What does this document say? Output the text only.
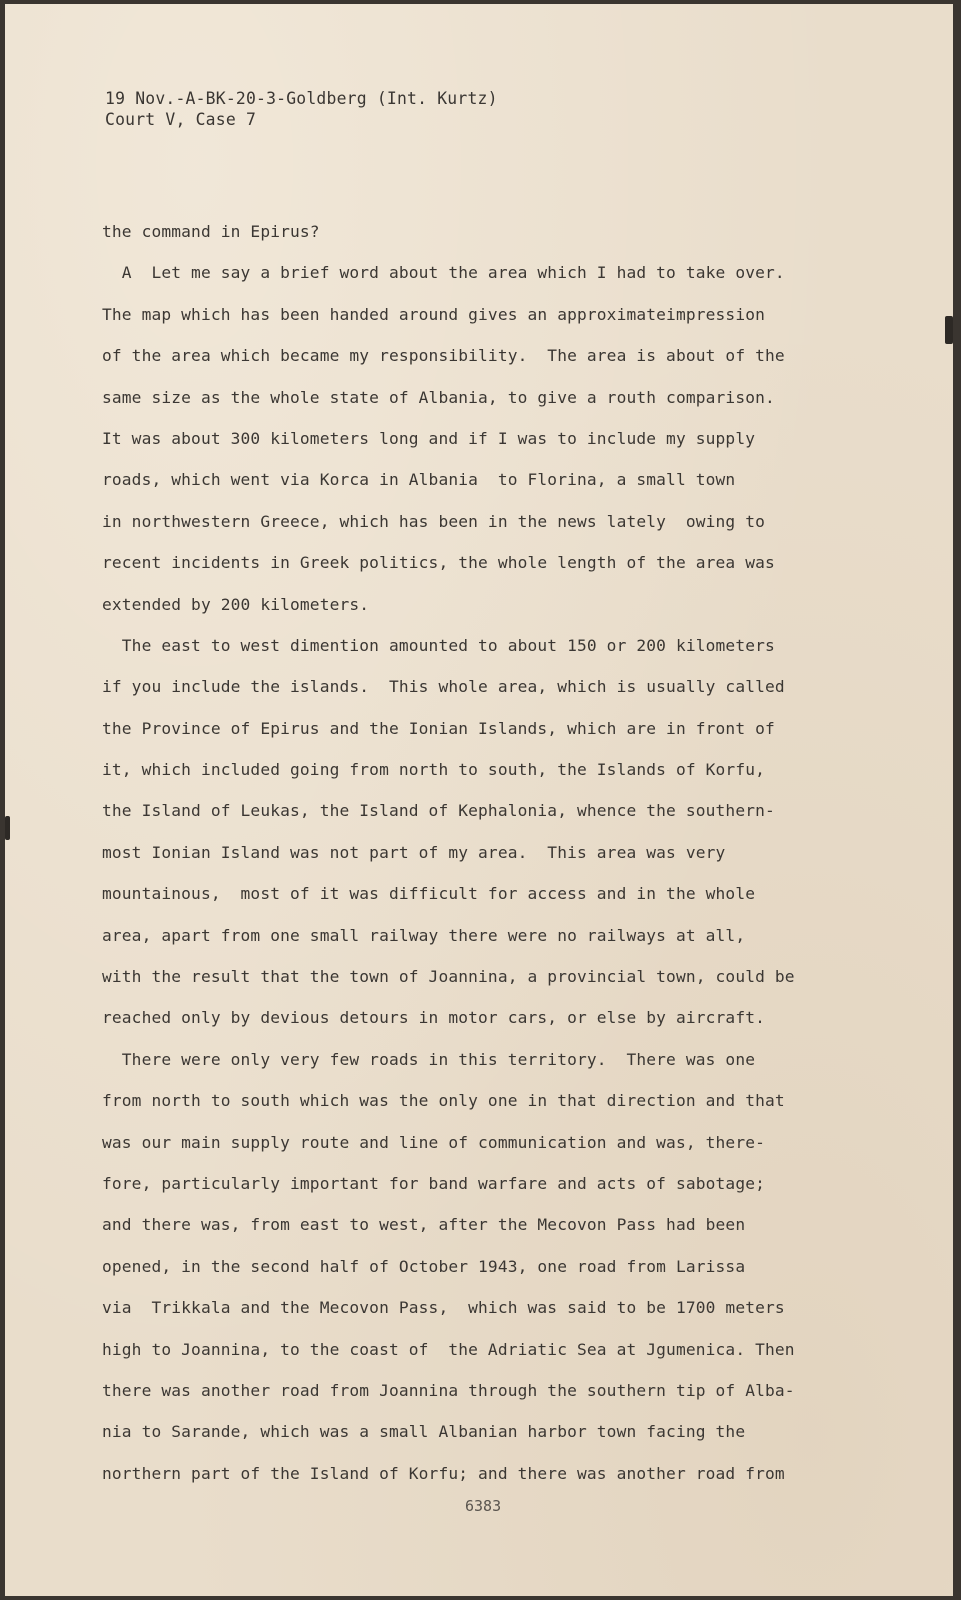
19 Nov.-A-BK-20-3-Goldberg (Int. Kurtz)
Court V, Case 7
the command in Epirus?
A  Let me say a brief word about the area which I had to take over.
The map which has been handed around gives an approximateimpression
of the area which became my responsibility.  The area is about of the
same size as the whole state of Albania, to give a routh comparison.
It was about 300 kilometers long and if I was to include my supply
roads, which went via Korca in Albania  to Florina, a small town
in northwestern Greece, which has been in the news lately  owing to
recent incidents in Greek politics, the whole length of the area was
extended by 200 kilometers.
The east to west dimention amounted to about 150 or 200 kilometers
if you include the islands.  This whole area, which is usually called
the Province of Epirus and the Ionian Islands, which are in front of
it, which included going from north to south, the Islands of Korfu,
the Island of Leukas, the Island of Kephalonia, whence the southern-
most Ionian Island was not part of my area.  This area was very
mountainous,  most of it was difficult for access and in the whole
area, apart from one small railway there were no railways at all,
with the result that the town of Joannina, a provincial town, could be
reached only by devious detours in motor cars, or else by aircraft.
There were only very few roads in this territory.  There was one
from north to south which was the only one in that direction and that
was our main supply route and line of communication and was, there-
fore, particularly important for band warfare and acts of sabotage;
and there was, from east to west, after the Mecovon Pass had been
opened, in the second half of October 1943, one road from Larissa
via  Trikkala and the Mecovon Pass,  which was said to be 1700 meters
high to Joannina, to the coast of  the Adriatic Sea at Jgumenica. Then
there was another road from Joannina through the southern tip of Alba-
nia to Sarande, which was a small Albanian harbor town facing the
northern part of the Island of Korfu; and there was another road from
6383
